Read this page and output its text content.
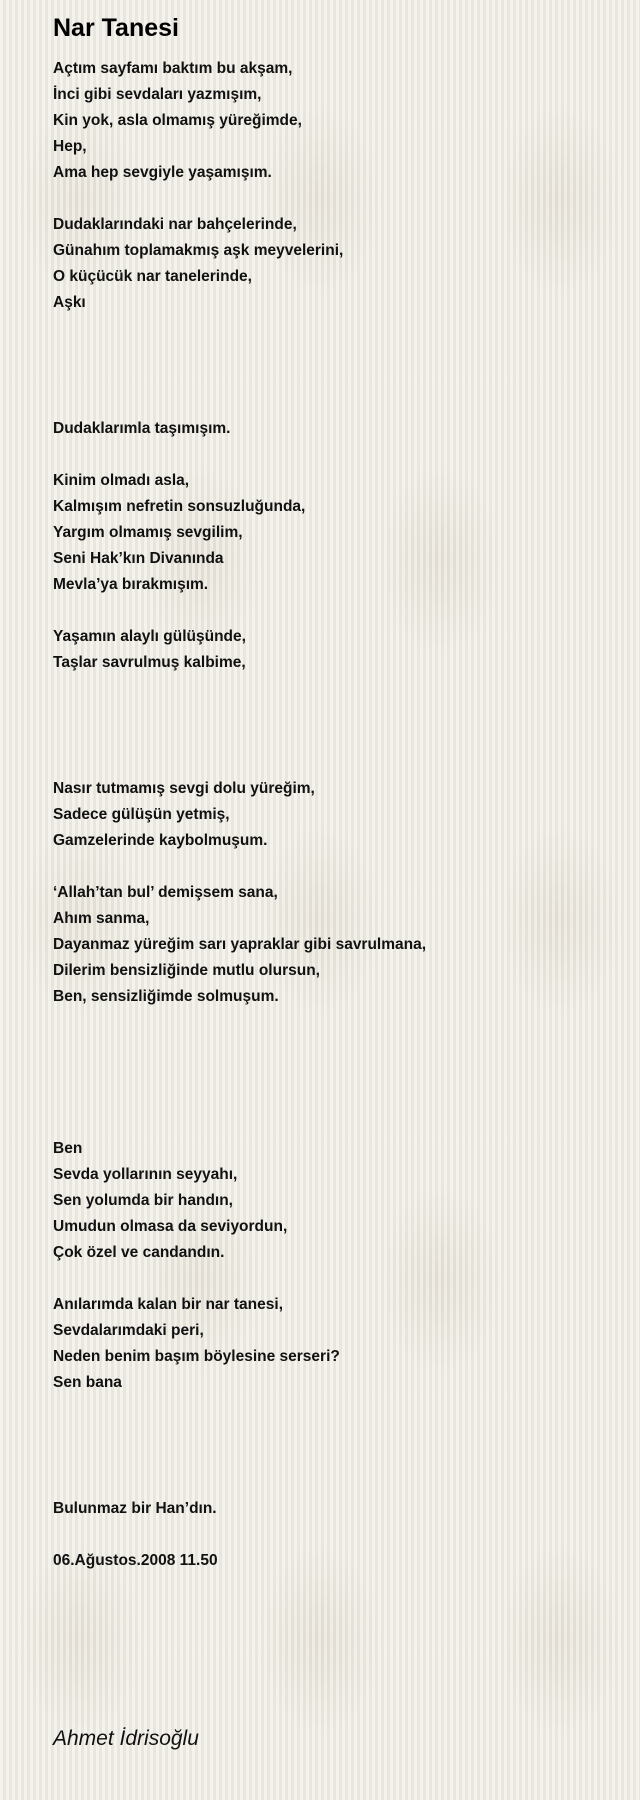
Nar Tanesi
Açtım sayfamı baktım bu akşam,
İnci gibi sevdaları yazmışım,
Kin yok, asla olmamış yüreğimde,
Hep,
Ama hep sevgiyle yaşamışım.
Dudaklarındaki nar bahçelerinde,
Günahım toplamakmış aşk meyvelerini,
O küçücük nar tanelerinde,
Aşkı
Dudaklarımla taşımışım.
Kinim olmadı asla,
Kalmışım nefretin sonsuzluğunda,
Yargım olmamış sevgilim,
Seni Hak’kın Divanında
Mevla’ya bırakmışım.
Yaşamın alaylı gülüşünde,
Taşlar savrulmuş kalbime,
Nasır tutmamış sevgi dolu yüreğim,
Sadece gülüşün yetmiş,
Gamzelerinde kaybolmuşum.
‘Allah’tan bul’ demişsem sana,
Ahım sanma,
Dayanmaz yüreğim sarı yapraklar gibi savrulmana,
Dilerim bensizliğinde mutlu olursun,
Ben, sensizliğimde solmuşum.
Ben
Sevda yollarının seyyahı,
Sen yolumda bir handın,
Umudun olmasa da seviyordun,
Çok özel ve candandın.
Anılarımda kalan bir nar tanesi,
Sevdalarımdaki peri,
Neden benim başım böylesine serseri?
Sen bana
Bulunmaz bir Han’dın.
06.Ağustos.2008 11.50
Ahmet İdrisoğlu
